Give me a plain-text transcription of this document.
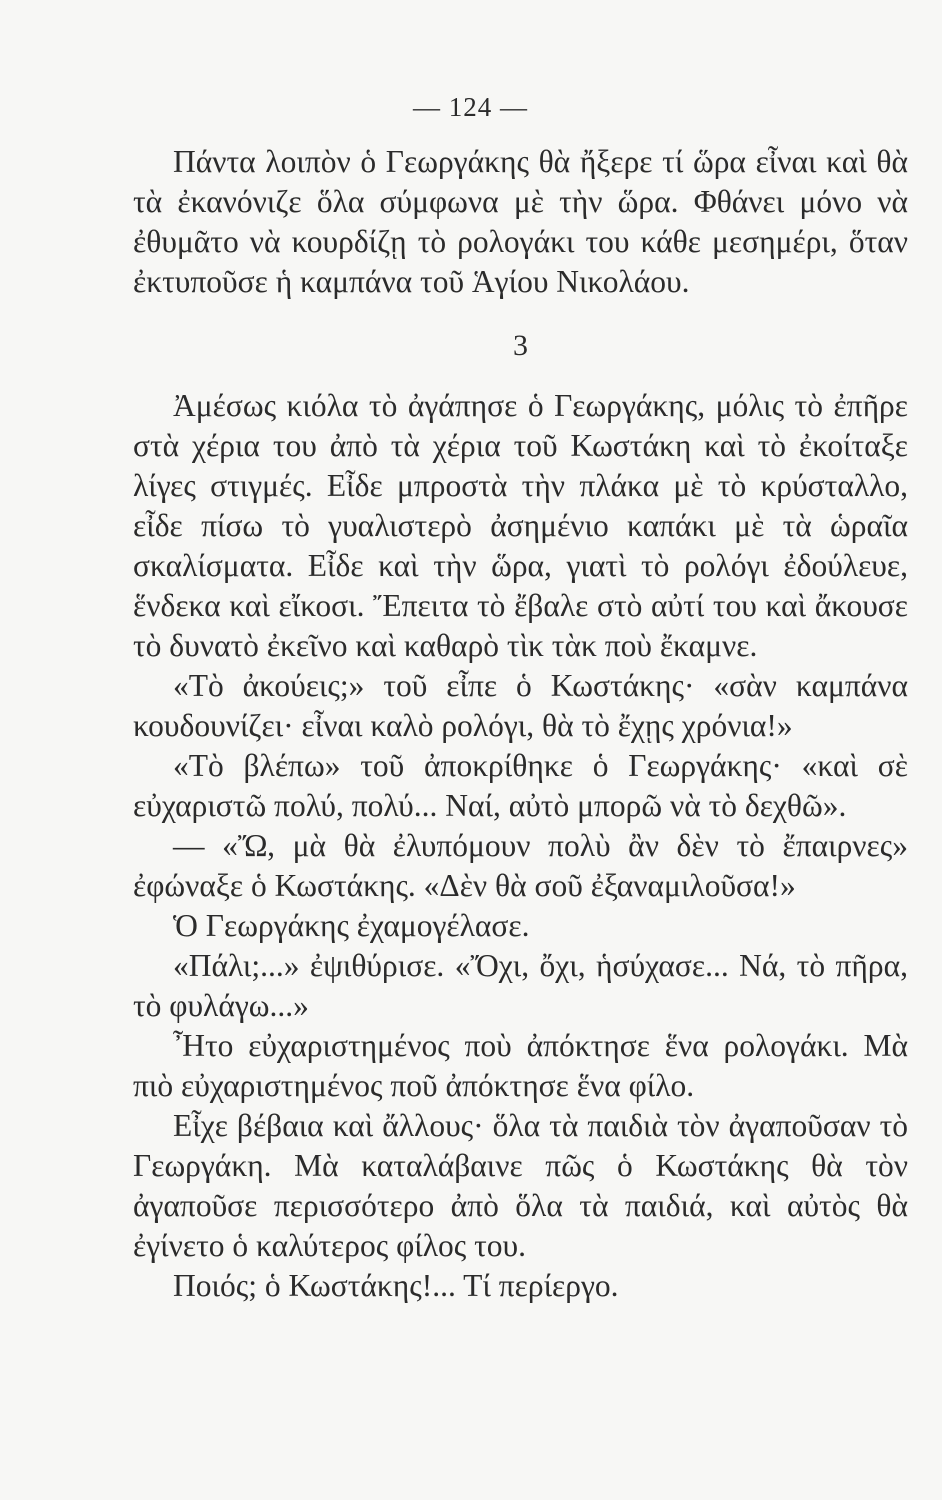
— 124 —

Πάντα λοιπὸν ὁ Γεωργάκης θὰ ἤξερε τί ὥρα εἶναι καὶ θὰ τὰ ἐκανόνιζε ὅλα σύμφωνα μὲ τὴν ὥρα. Φθάνει μόνο νὰ ἐθυμᾶτο νὰ κουρδίζῃ τὸ ρολογάκι του κάθε μεσημέρι, ὅταν ἐκτυποῦσε ἡ καμπάνα τοῦ Ἁγίου Νικολάου.

3

Ἀμέσως κιόλα τὸ ἀγάπησε ὁ Γεωργάκης, μόλις τὸ ἐπῆρε στὰ χέρια του ἀπὸ τὰ χέρια τοῦ Κωστάκη καὶ τὸ ἐκοίταξε λίγες στιγμές. Εἶδε μπροστὰ τὴν πλάκα μὲ τὸ κρύσταλλο, εἶδε πίσω τὸ γυαλιστερὸ ἀσημένιο καπάκι μὲ τὰ ὡραῖα σκαλίσματα. Εἶδε καὶ τὴν ὥρα, γιατὶ τὸ ρολόγι ἐδούλευε, ἕνδεκα καὶ εἴκοσι. Ἔπειτα τὸ ἔβαλε στὸ αὐτί του καὶ ἄκουσε τὸ δυνατὸ ἐκεῖνο καὶ καθαρὸ τὶκ τὰκ ποὺ ἔκαμνε.

«Τὸ ἀκούεις;» τοῦ εἶπε ὁ Κωστάκης· «σὰν καμπάνα κουδουνίζει· εἶναι καλὸ ρολόγι, θὰ τὸ ἔχῃς χρόνια!»

«Τὸ βλέπω» τοῦ ἀποκρίθηκε ὁ Γεωργάκης· «καὶ σὲ εὐχαριστῶ πολύ, πολύ... Ναί, αὐτὸ μπορῶ νὰ τὸ δεχθῶ».

— «Ὤ, μὰ θὰ ἐλυπόμουν πολὺ ἂν δὲν τὸ ἔπαιρνες» ἐφώναξε ὁ Κωστάκης. «Δὲν θὰ σοῦ ἐξαναμιλοῦσα!»

Ὁ Γεωργάκης ἐχαμογέλασε.

«Πάλι;...» ἐψιθύρισε. «Ὄχι, ὄχι, ἡσύχασε... Νά, τὸ πῆρα, τὸ φυλάγω...»

Ἦτο εὐχαριστημένος ποὺ ἀπόκτησε ἕνα ρολογάκι. Μὰ πιὸ εὐχαριστημένος ποῦ ἀπόκτησε ἕνα φίλο.

Εἶχε βέβαια καὶ ἄλλους· ὅλα τὰ παιδιὰ τὸν ἀγαποῦσαν τὸ Γεωργάκη. Μὰ καταλάβαινε πῶς ὁ Κωστάκης θὰ τὸν ἀγαποῦσε περισσότερο ἀπὸ ὅλα τὰ παιδιά, καὶ αὐτὸς θὰ ἐγίνετο ὁ καλύτερος φίλος του.

Ποιός; ὁ Κωστάκης!... Τί περίεργο.
